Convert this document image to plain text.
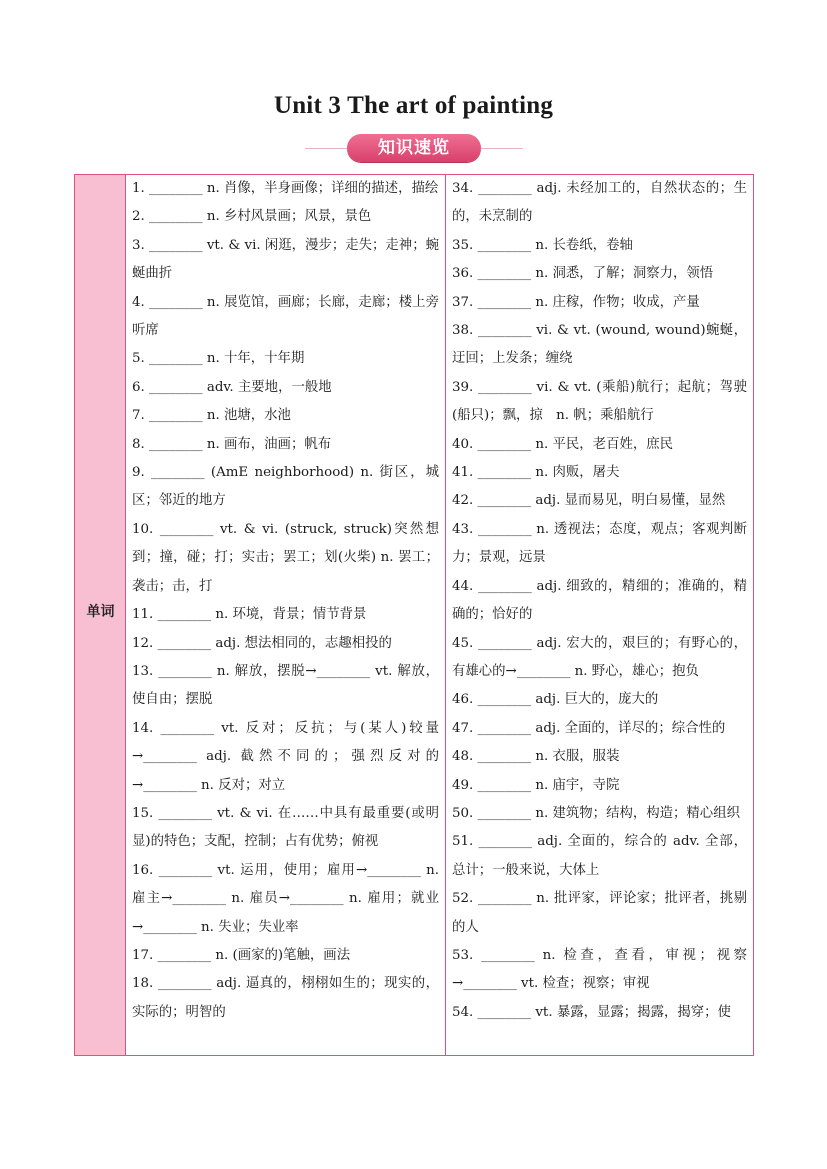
Unit 3 The art of painting
知识速览
单词
1. ________ n. 肖像，半身画像；详细的描述，描绘
2. ________ n. 乡村风景画；风景，景色
3. ________ vt. & vi. 闲逛，漫步；走失；走神；蜿蜒曲折
4. ________ n. 展览馆，画廊；长廊，走廊；楼上旁听席
5. ________ n. 十年，十年期
6. ________ adv. 主要地，一般地
7. ________ n. 池塘，水池
8. ________ n. 画布，油画；帆布
9. ________ (AmE neighborhood) n. 街区，城区；邻近的地方
10. ________ vt. & vi. (struck, struck)突然想到；撞，碰；打；实击；罢工；划(火柴) n. 罢工；袭击；击，打
11. ________ n. 环境，背景；情节背景
12. ________ adj. 想法相同的，志趣相投的
13. ________ n. 解放，摆脱→________ vt. 解放，使自由；摆脱
14. ________ vt. 反对；反抗；与(某人)较量→________ adj. 截然不同的；强烈反对的→________ n. 反对；对立
15. ________ vt. & vi. 在……中具有最重要(或明显)的特色；支配，控制；占有优势；俯视
16. ________ vt. 运用，使用；雇用→________ n. 雇主→________ n. 雇员→________ n. 雇用；就业→________ n. 失业；失业率
17. ________ n. (画家的)笔触，画法
18. ________ adj. 逼真的，栩栩如生的；现实的，实际的；明智的
34. ________ adj. 未经加工的，自然状态的；生的，未烹制的
35. ________ n. 长卷纸，卷轴
36. ________ n. 洞悉，了解；洞察力，领悟
37. ________ n. 庄稼，作物；收成，产量
38. ________ vi. & vt. (wound, wound)蜿蜒，迂回；上发条；缠绕
39. ________ vi. & vt. (乘船)航行；起航；驾驶(船只)；飘，掠　n. 帆；乘船航行
40. ________ n. 平民，老百姓，庶民
41. ________ n. 肉贩，屠夫
42. ________ adj. 显而易见，明白易懂，显然
43. ________ n. 透视法；态度，观点；客观判断力；景观，远景
44. ________ adj. 细致的，精细的；准确的，精确的；恰好的
45. ________ adj. 宏大的，艰巨的；有野心的，有雄心的→________ n. 野心，雄心；抱负
46. ________ adj. 巨大的，庞大的
47. ________ adj. 全面的，详尽的；综合性的
48. ________ n. 衣服，服装
49. ________ n. 庙宇，寺院
50. ________ n. 建筑物；结构，构造；精心组织
51. ________ adj. 全面的，综合的 adv. 全部，总计；一般来说，大体上
52. ________ n. 批评家，评论家；批评者，挑剔的人
53. ________ n. 检查，查看，审视；视察→________ vt. 检查；视察；审视
54. ________ vt. 暴露，显露；揭露，揭穿；使
